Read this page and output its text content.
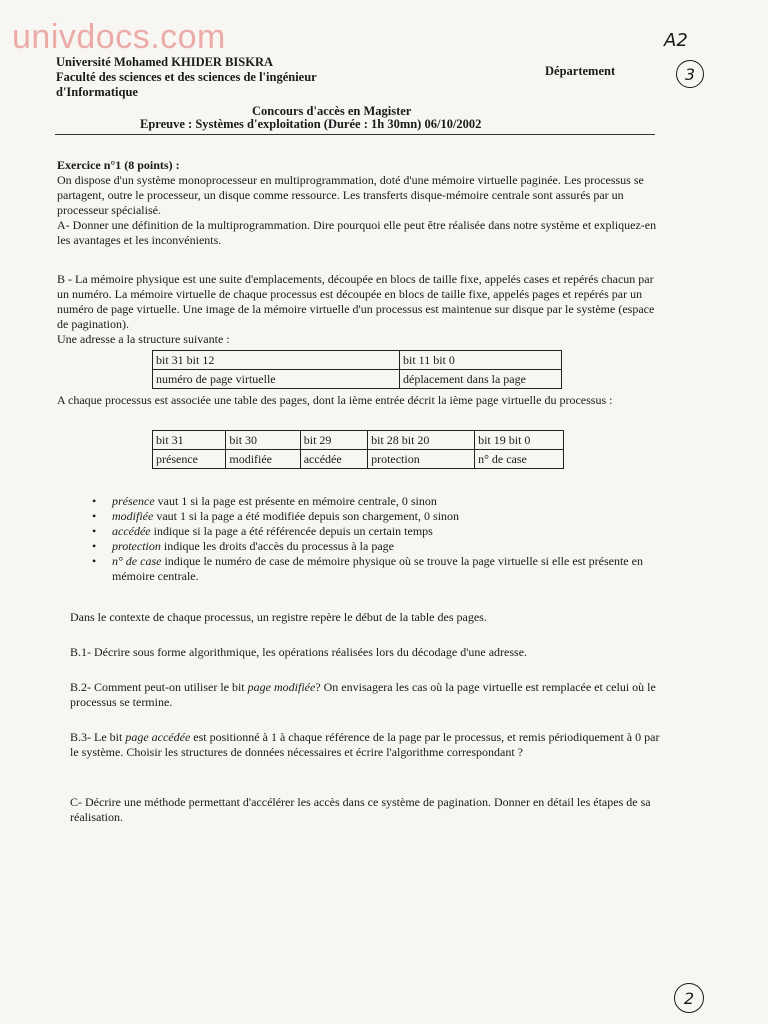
univdocs.com
Université Mohamed KHIDER BISKRA
Faculté des sciences et des sciences de l'ingénieur
d'Informatique
Département
A2
3
Concours d'accès en Magister
Epreuve : Systèmes d'exploitation (Durée : 1h 30mn) 06/10/2002
Exercice n°1 (8 points) :
On dispose d'un système monoprocesseur en multiprogrammation, doté d'une mémoire virtuelle paginée. Les processus se partagent, outre le processeur, un disque comme ressource. Les transferts disque-mémoire centrale sont assurés par un processeur spécialisé.
A- Donner une définition de la multiprogrammation. Dire pourquoi elle peut être réalisée dans notre système et expliquez-en les avantages et les inconvénients.
B - La mémoire physique est une suite d'emplacements, découpée en blocs de taille fixe, appelés cases et repérés chacun par un numéro. La mémoire virtuelle de chaque processus est découpée en blocs de taille fixe, appelés pages et repérés par un numéro de page virtuelle. Une image de la mémoire virtuelle d'un processus est maintenue sur disque par le système (espace de pagination).
Une adresse a la structure suivante :
bit 31 bit 12	bit 11 bit 0
numéro de page virtuelle	déplacement dans la page
A chaque processus est associée une table des pages, dont la ième entrée décrit la ième page virtuelle du processus :
bit 31	bit 30	bit 29	bit 28 bit 20	bit 19 bit 0
présence	modifiée	accédée	protection	n° de case
• présence vaut 1 si la page est présente en mémoire centrale, 0 sinon
• modifiée vaut 1 si la page a été modifiée depuis son chargement, 0 sinon
• accédée indique si la page a été référencée depuis un certain temps
• protection indique les droits d'accès du processus à la page
• n° de case indique le numéro de case de mémoire physique où se trouve la page virtuelle si elle est présente en mémoire centrale.
Dans le contexte de chaque processus, un registre repère le début de la table des pages.
B.1- Décrire sous forme algorithmique, les opérations réalisées lors du décodage d'une adresse.
B.2- Comment peut-on utiliser le bit page modifiée? On envisagera les cas où la page virtuelle est remplacée et celui où le processus se termine.
B.3- Le bit page accédée est positionné à 1 à chaque référence de la page par le processus, et remis périodiquement à 0 par le système. Choisir les structures de données nécessaires et écrire l'algorithme correspondant ?
C- Décrire une méthode permettant d'accélérer les accès dans ce système de pagination. Donner en détail les étapes de sa réalisation.
2
